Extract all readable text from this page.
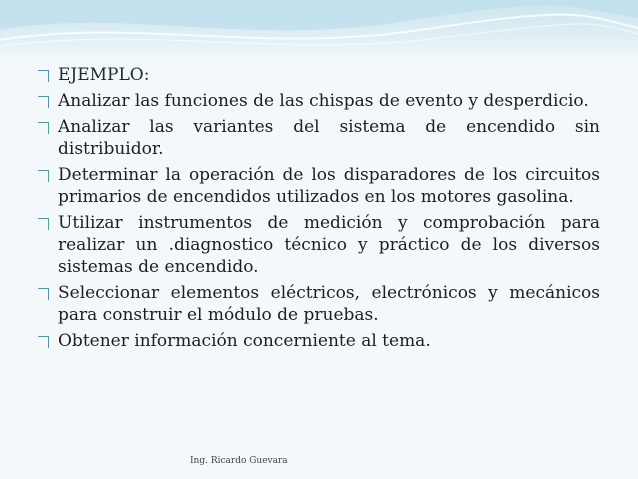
EJEMPLO:
Analizar las funciones de las chispas de evento y desperdicio.
Analizar las variantes del sistema de encendido sin distribuidor.
Determinar la operación de los disparadores de los circuitos primarios de encendidos utilizados en los motores gasolina.
Utilizar instrumentos de medición y comprobación para realizar un .diagnostico técnico y práctico de los diversos sistemas de encendido.
Seleccionar elementos eléctricos, electrónicos y mecánicos para construir el módulo de pruebas.
Obtener información concerniente al tema.
Ing. Ricardo Guevara
